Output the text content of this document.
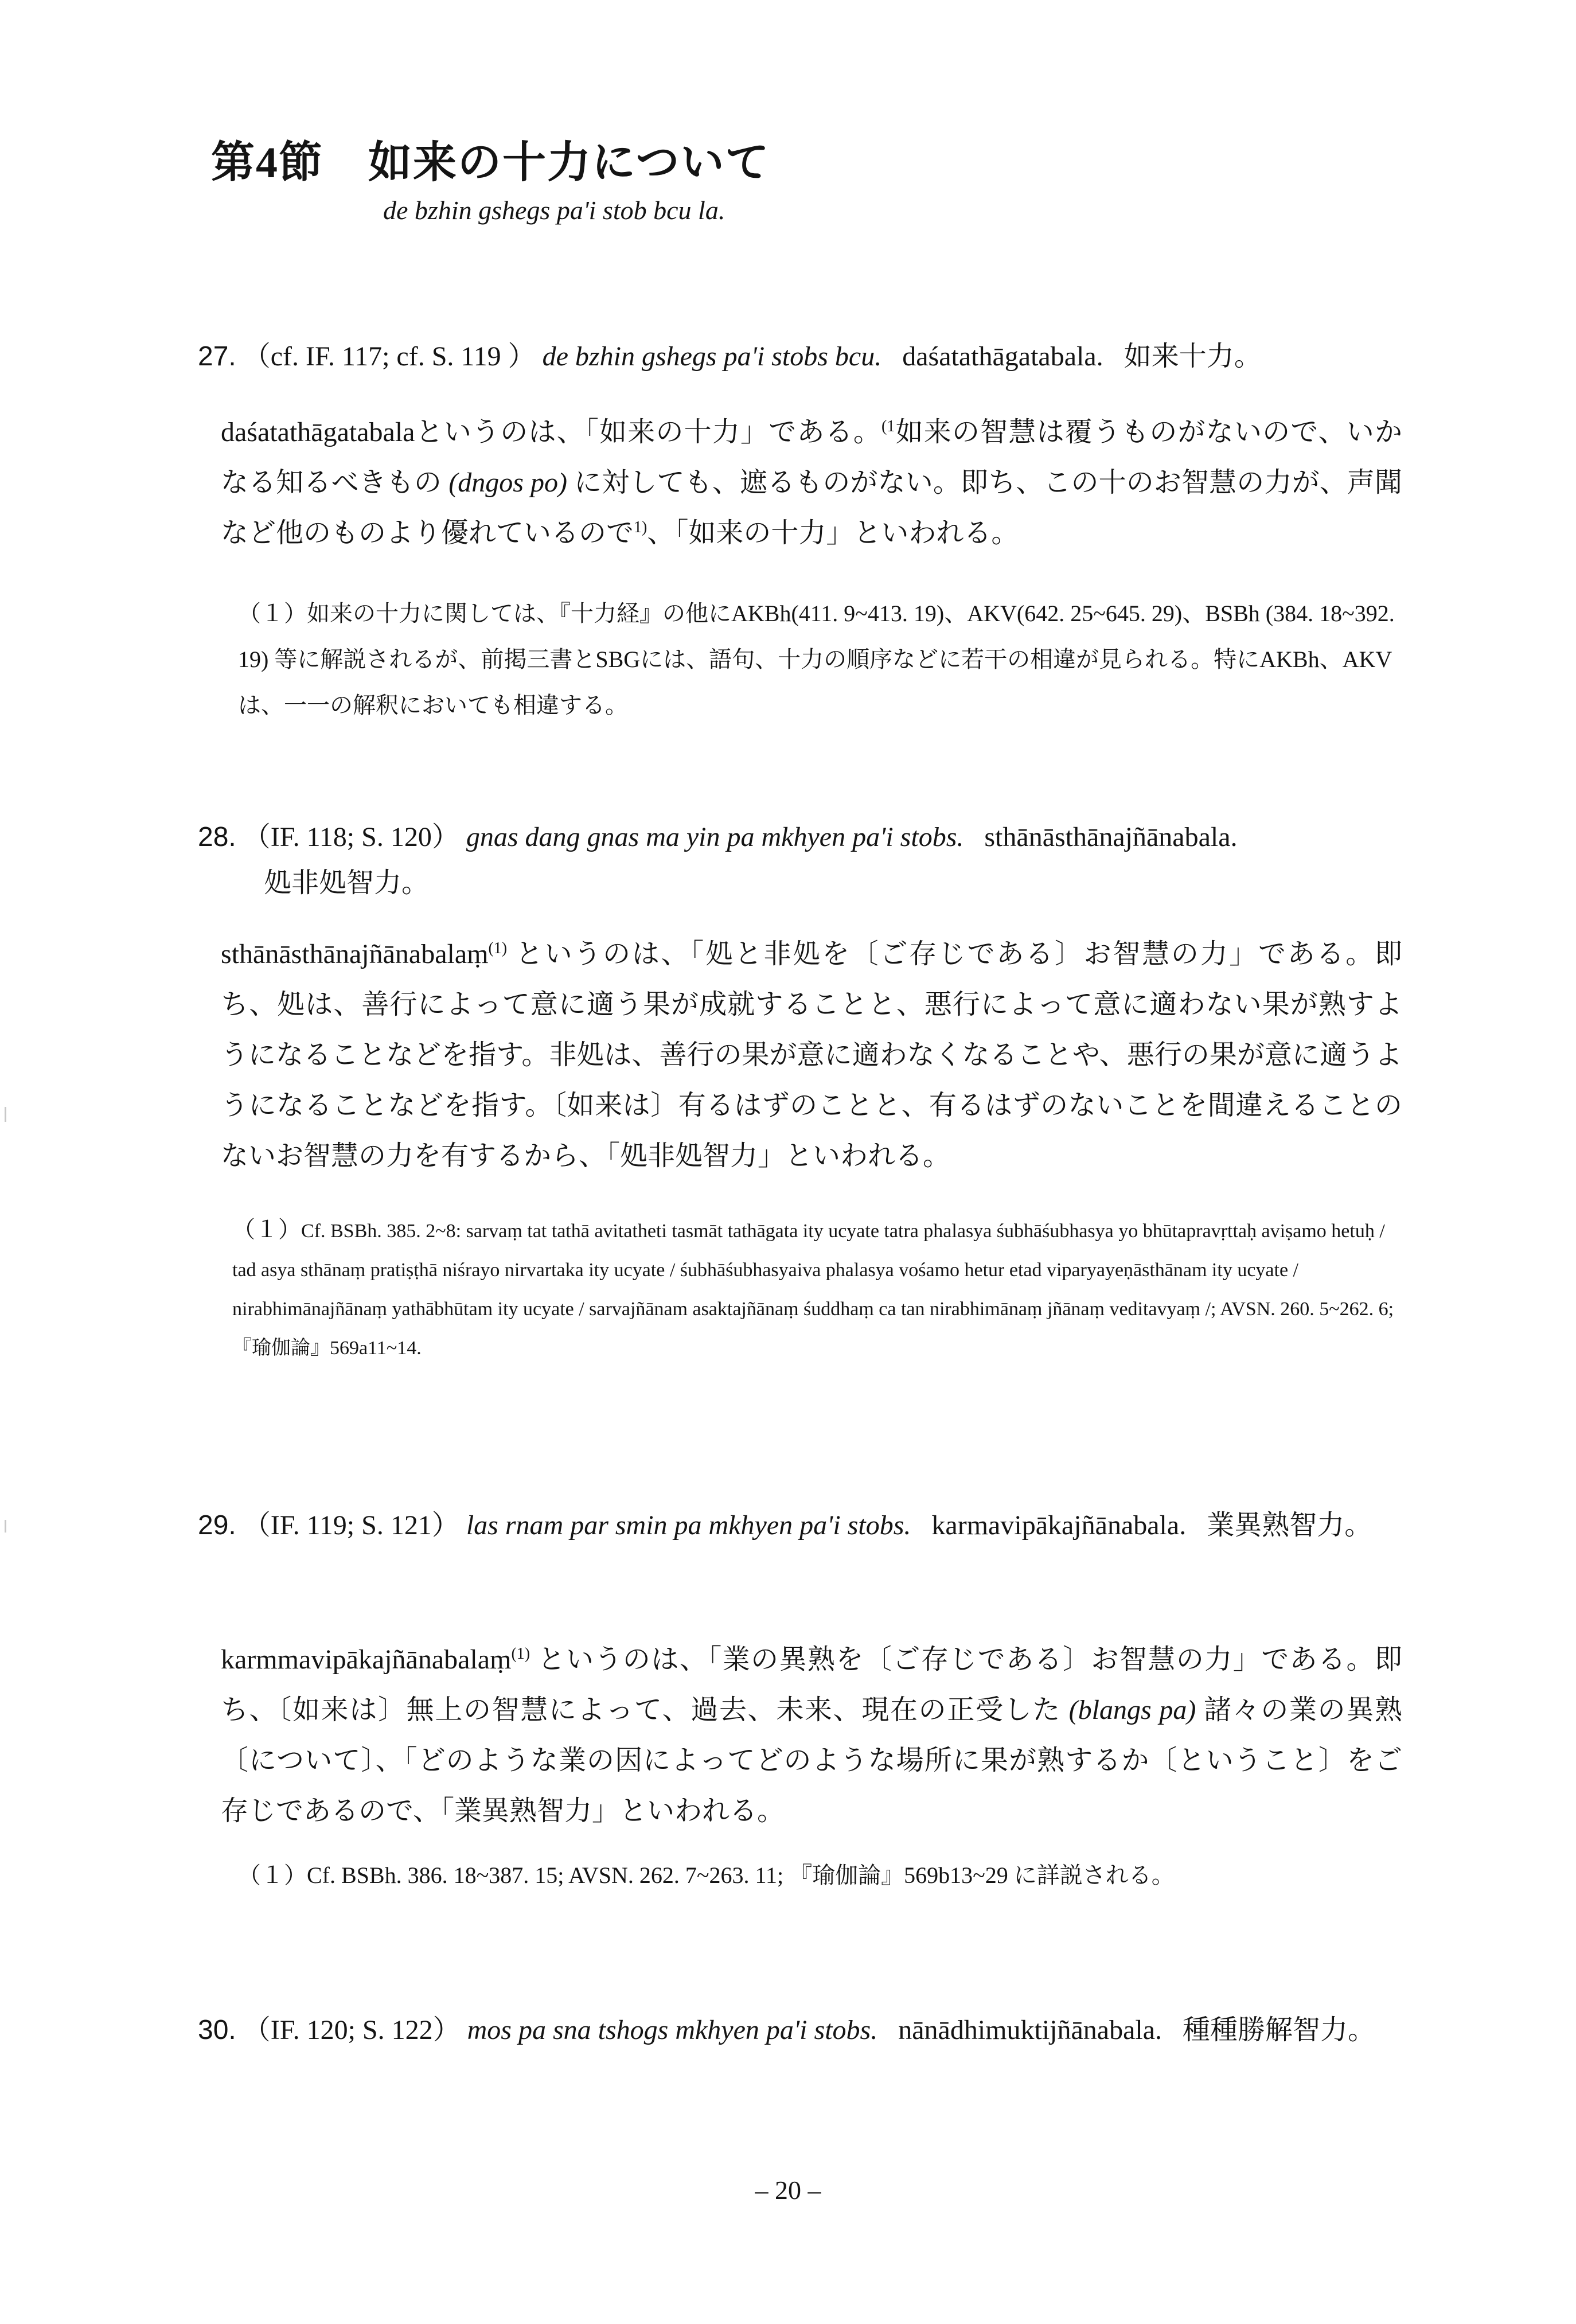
第4節　如来の十力について
de bzhin gshegs pa'i stob bcu la.
27. （cf. IF. 117; cf. S. 119 ） de bzhin gshegs pa'i stobs bcu. daśatathāgatabala. 如来十力。
daśatathāgatabalaというのは、「如来の十力」である。$^{(1}$如来の智慧は覆うものがないので、いかなる知るべきもの (dngos po) に対しても、遮るものがない。即ち、この十のお智慧の力が、声聞など他のものより優れているので$^{1)}$、「如来の十力」といわれる。
（１）如来の十力に関しては、『十力経』の他にAKBh(411. 9~413. 19)、AKV(642. 25~645. 29)、BSBh (384. 18~392. 19) 等に解説されるが、前掲三書とSBGには、語句、十力の順序などに若干の相違が見られる。特にAKBh、AKVは、一一の解釈においても相違する。
28. （IF. 118; S. 120） gnas dang gnas ma yin pa mkhyen pa'i stobs. sthānāsthānajñānabala.
処非処智力。
sthānāsthānajñānabalaṃ$^{(1)}$ というのは、「処と非処を〔ご存じである〕お智慧の力」である。即ち、処は、善行によって意に適う果が成就することと、悪行によって意に適わない果が熟すようになることなどを指す。非処は、善行の果が意に適わなくなることや、悪行の果が意に適うようになることなどを指す。〔如来は〕有るはずのことと、有るはずのないことを間違えることのないお智慧の力を有するから、「処非処智力」といわれる。
（１）Cf. BSBh. 385. 2~8: sarvaṃ tat tathā avitatheti tasmāt tathāgata ity ucyate tatra phalasya śubhāśubhasya yo bhūtapravṛttaḥ aviṣamo hetuḥ / tad asya sthānaṃ pratiṣṭhā niśrayo nirvartaka ity ucyate / śubhāśubhasyaiva phalasya vośamo hetur etad viparyayeṇāsthānam ity ucyate / nirabhimānajñānaṃ yathābhūtam ity ucyate / sarvajñānam asaktajñānaṃ śuddhaṃ ca tan nirabhimānaṃ jñānaṃ veditavyaṃ /; AVSN. 260. 5~262. 6; 『瑜伽論』569a11~14.
29. （IF. 119; S. 121） las rnam par smin pa mkhyen pa'i stobs. karmavipākajñānabala. 業異熟智力。
karmmavipākajñānabalaṃ$^{(1)}$ というのは、「業の異熟を〔ご存じである〕お智慧の力」である。即ち、〔如来は〕無上の智慧によって、過去、未来、現在の正受した (blangs pa) 諸々の業の異熟〔について〕、「どのような業の因によってどのような場所に果が熟するか〔ということ〕をご存じであるので、「業異熟智力」といわれる。
（１）Cf. BSBh. 386. 18~387. 15; AVSN. 262. 7~263. 11; 『瑜伽論』569b13~29 に詳説される。
30. （IF. 120; S. 122） mos pa sna tshogs mkhyen pa'i stobs. nānādhimuktijñānabala. 種種勝解智力。
– 20 –
